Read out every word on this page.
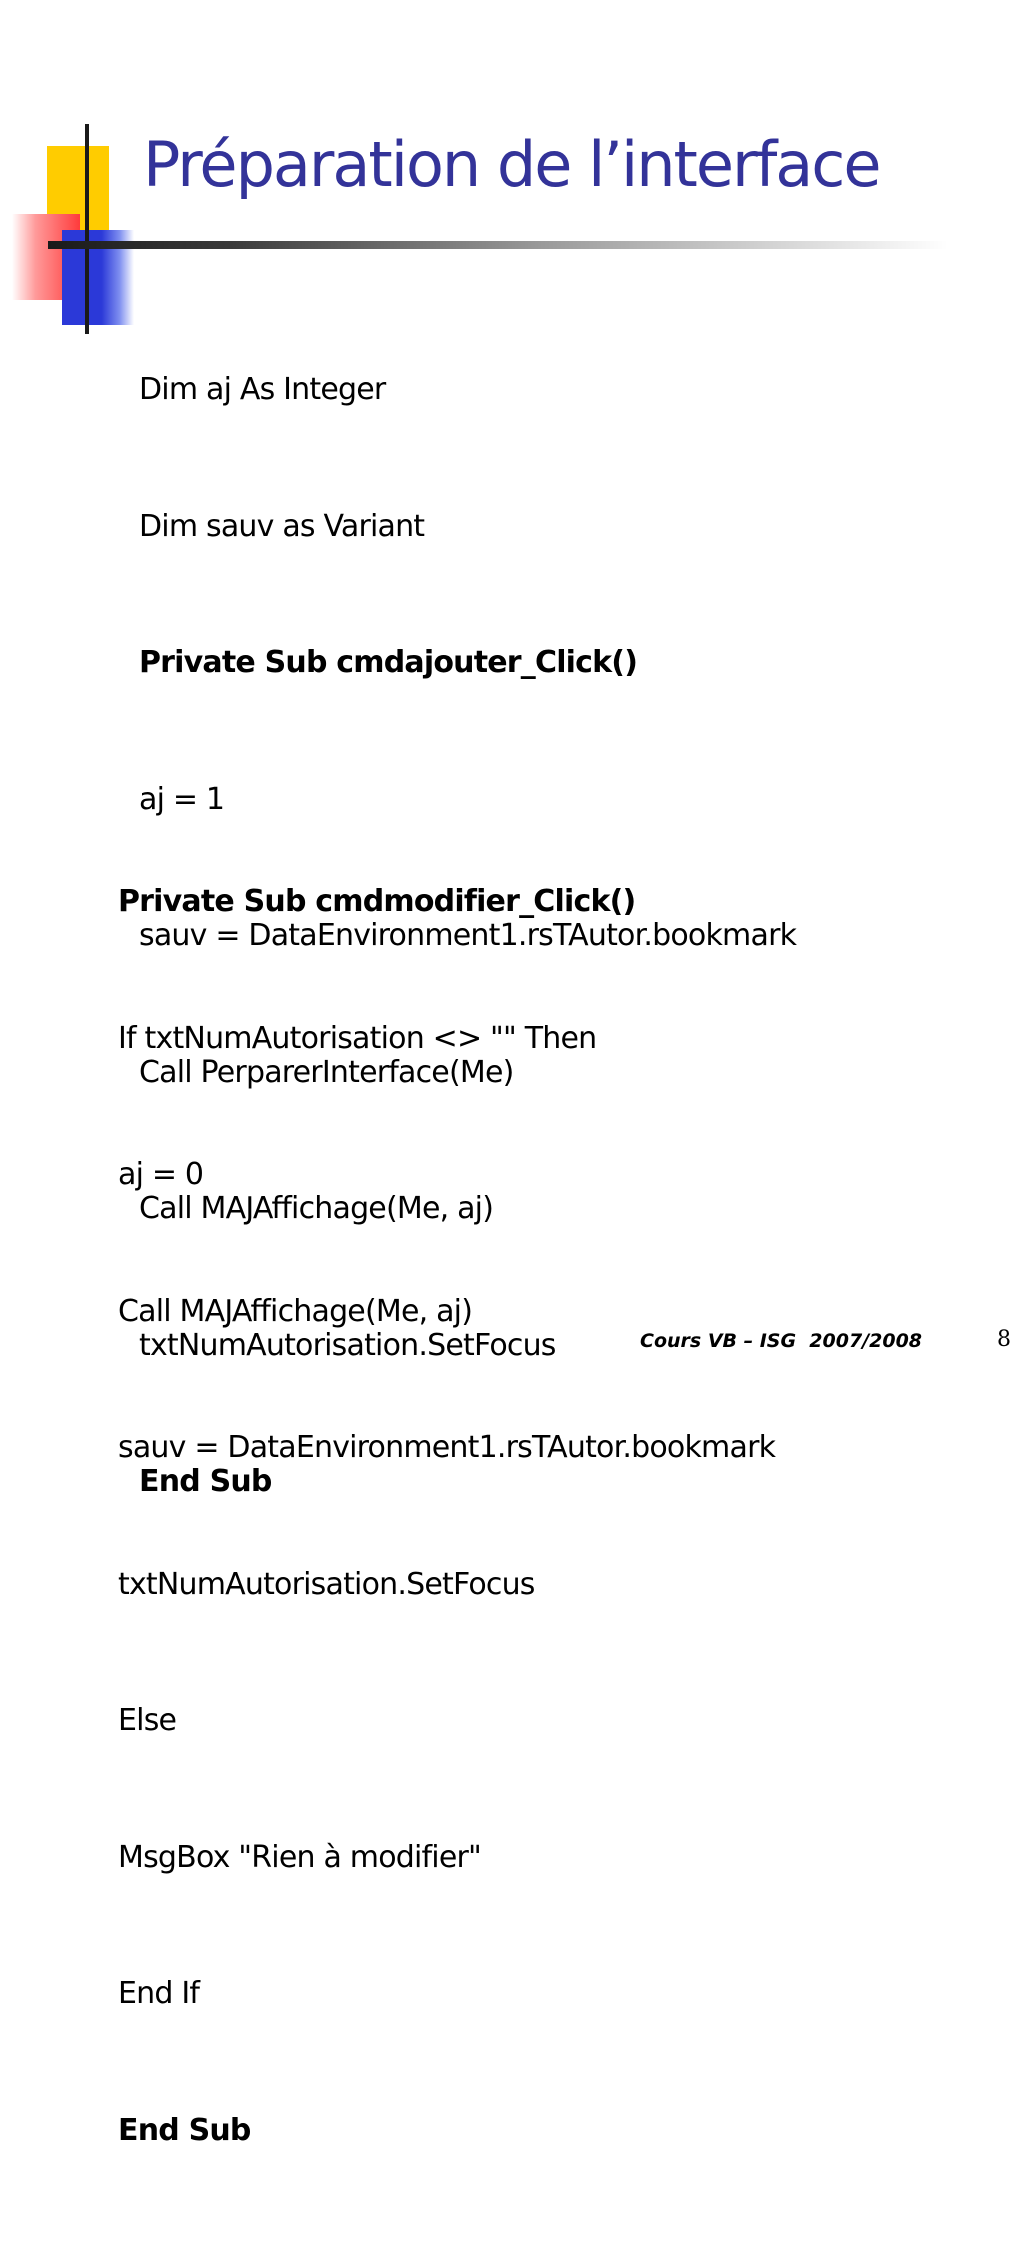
Préparation de l’interface

Dim aj As Integer

Dim sauv as Variant

Private Sub cmdajouter_Click()

aj = 1

sauv = DataEnvironment1.rsTAutor.bookmark

Call PerparerInterface(Me)

Call MAJAffichage(Me, aj)

txtNumAutorisation.SetFocus

End Sub

Private Sub cmdmodifier_Click()

If txtNumAutorisation <> "" Then

aj = 0

Call MAJAffichage(Me, aj)

sauv = DataEnvironment1.rsTAutor.bookmark

txtNumAutorisation.SetFocus

Else

MsgBox "Rien à modifier"

End If

End Sub

Cours VB – ISG  2007/2008	8
